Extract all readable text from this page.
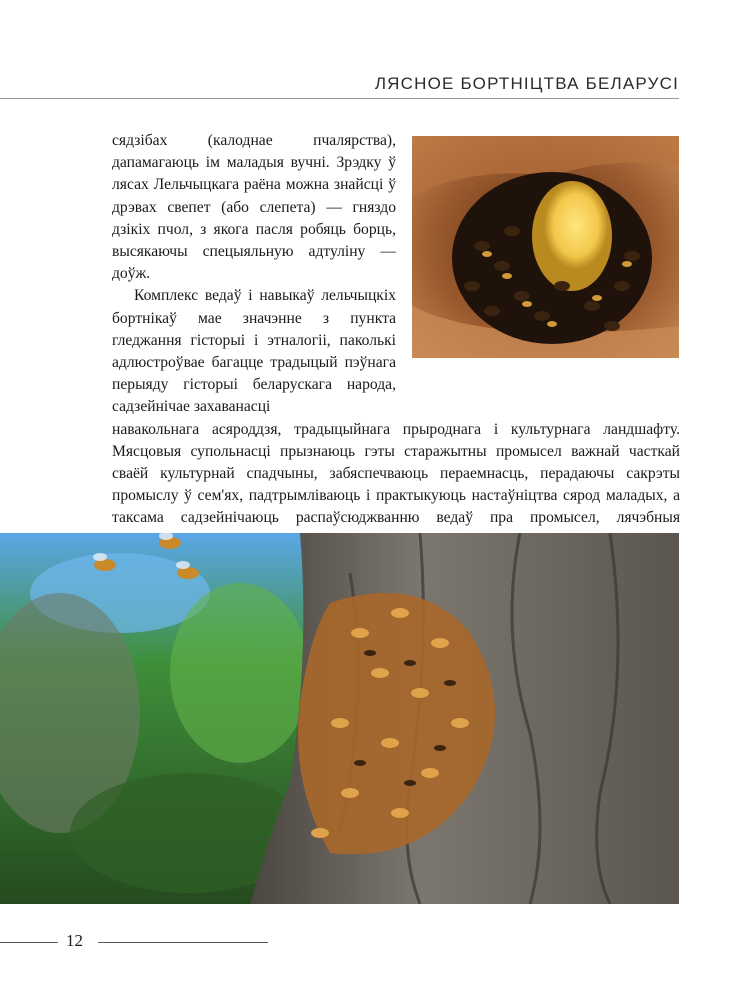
ЛЯСНОЕ БОРТНІЦТВА БЕЛАРУСІ

сядзібах (калоднае пчалярства), дапамагаюць ім маладыя вучні. Зрэдку ў лясах Лельчыцкага раёна можна знайсці ў дрэвах свепет (або слепета) — гняздо дзікіх пчол, з якога пасля робяць борць, высякаючы спецыяльную адтуліну — доўж.

Комплекс ведаў і навыкаў лельчыцкіх бортнікаў мае значэнне з пункта гледжання гісторыі і этналогіі, паколькі адлюстроўвае багацце традыцый пэўнага перыяду гісторыі беларускага народа, садзейнічае захаванасці

навакольнага асяроддзя, традыцыйнага прыроднага і культурнага ландшафту. Мясцовыя супольнасці прызнаюць гэты старажытны промысел важнай часткай сваёй культурнай спадчыны, забяспечваюць пераемнасць, перадаючы сакрэты промыслу ў сем'ях, падтрымліваюць і практыкуюць настаўніцтва сярод маладых, а таксама садзейнічаюць распаўсюджванню ведаў пра промысел, лячэбныя

12
